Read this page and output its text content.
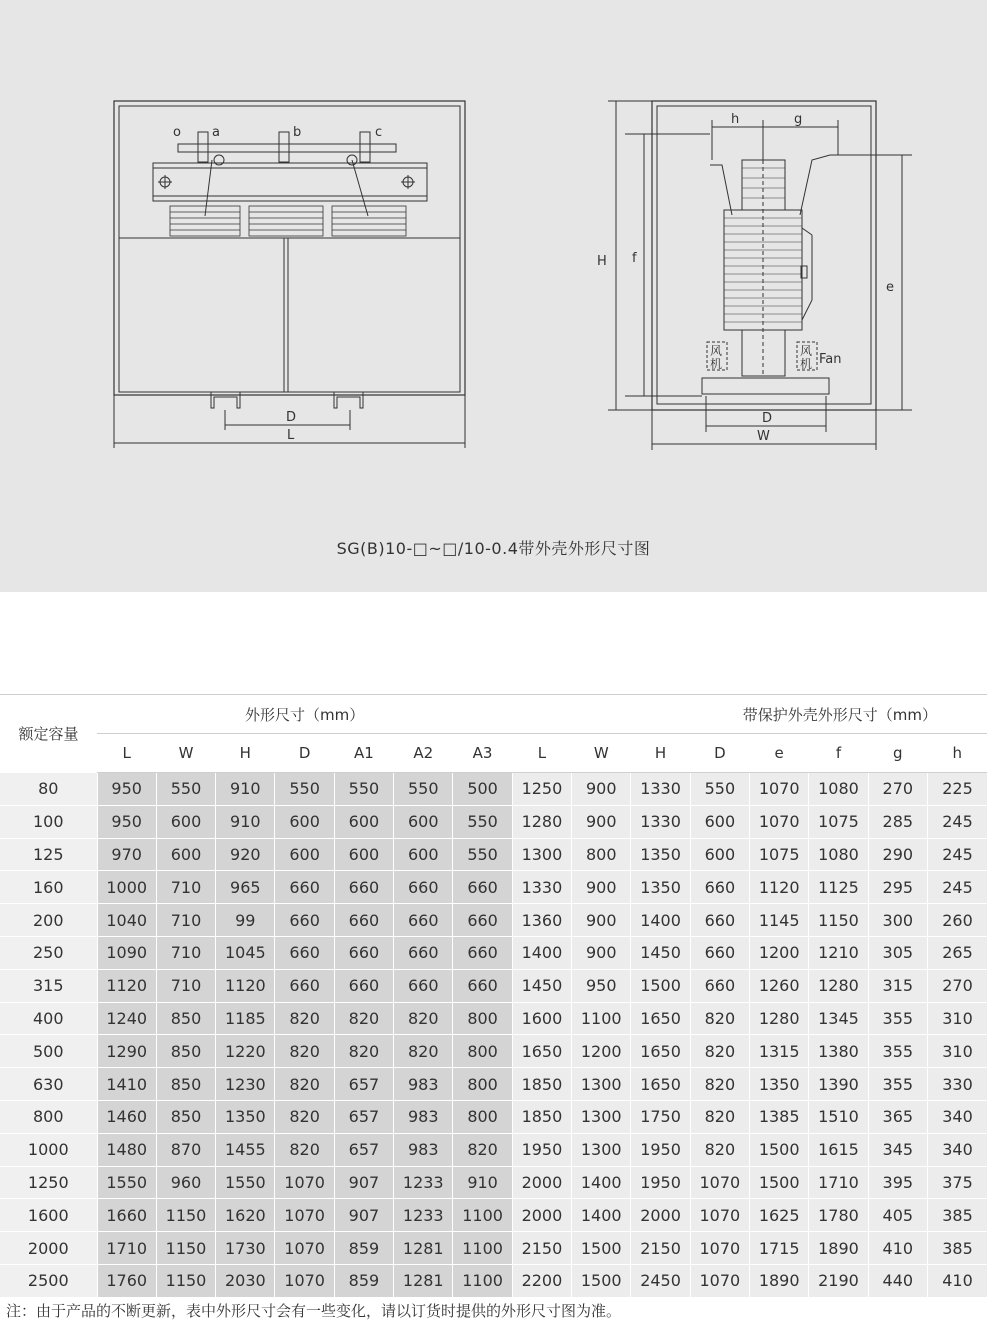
o a	b	c
D
L
h	g
H f
e
风
机
风
机 Fan
D
W
SG(B)10-□~□/10-0.4带外壳外形尺寸图
额定容量	外形尺寸（mm）							带保护外壳外形尺寸（mm）							
	L	W	H	D	A1	A2	A3	L	W	H	D	e	f	g	h
80	950	550	910	550	550	550	500	1250	900	1330	550	1070	1080	270	225
100	950	600	910	600	600	600	550	1280	900	1330	600	1070	1075	285	245
125	970	600	920	600	600	600	550	1300	800	1350	600	1075	1080	290	245
160	1000	710	965	660	660	660	660	1330	900	1350	660	1120	1125	295	245
200	1040	710	99	660	660	660	660	1360	900	1400	660	1145	1150	300	260
250	1090	710	1045	660	660	660	660	1400	900	1450	660	1200	1210	305	265
315	1120	710	1120	660	660	660	660	1450	950	1500	660	1260	1280	315	270
400	1240	850	1185	820	820	820	800	1600	1100	1650	820	1280	1345	355	310
500	1290	850	1220	820	820	820	800	1650	1200	1650	820	1315	1380	355	310
630	1410	850	1230	820	657	983	800	1850	1300	1650	820	1350	1390	355	330
800	1460	850	1350	820	657	983	800	1850	1300	1750	820	1385	1510	365	340
1000	1480	870	1455	820	657	983	820	1950	1300	1950	820	1500	1615	345	340
1250	1550	960	1550	1070	907	1233	910	2000	1400	1950	1070	1500	1710	395	375
1600	1660	1150	1620	1070	907	1233	1100	2000	1400	2000	1070	1625	1780	405	385
2000	1710	1150	1730	1070	859	1281	1100	2150	1500	2150	1070	1715	1890	410	385
2500	1760	1150	2030	1070	859	1281	1100	2200	1500	2450	1070	1890	2190	440	410
注：由于产品的不断更新，表中外形尺寸会有一些变化，请以订货时提供的外形尺寸图为准。
